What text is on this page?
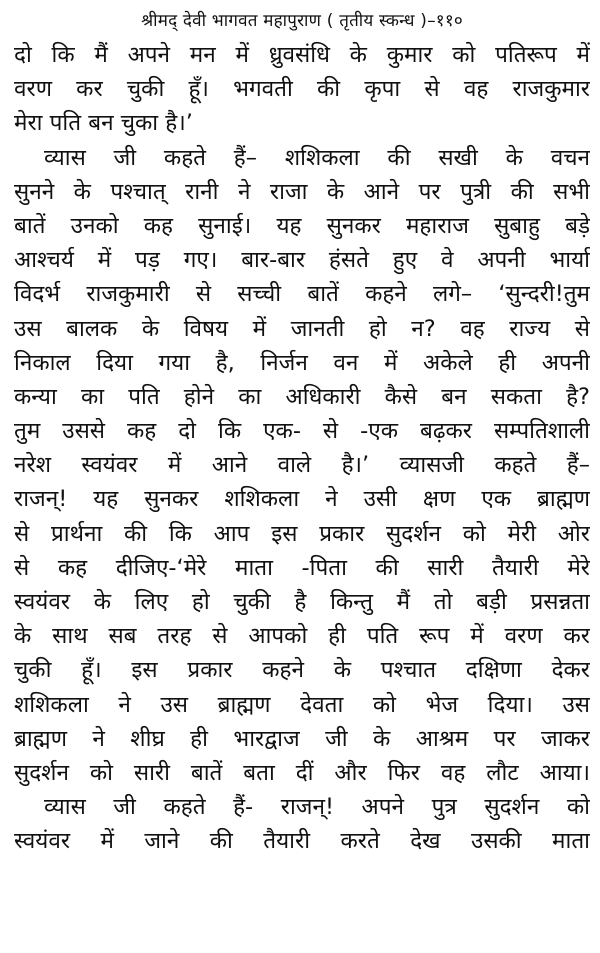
श्रीमद् देवी भागवत महापुराण ( तृतीय स्कन्ध )–११०
दो कि मैं अपने मन में ध्रुवसंधि के कुमार को पतिरूप में
वरण कर चुकी हूँ। भगवती की कृपा से वह राजकुमार
मेरा पति बन चुका है।’
व्यास जी कहते हैं– शशिकला की सखी के वचन
सुनने के पश्चात् रानी ने राजा के आने पर पुत्री की सभी
बातें उनको कह सुनाई। यह सुनकर महाराज सुबाहु बड़े
आश्चर्य में पड़ गए। बार-बार हंसते हुए वे अपनी भार्या
विदर्भ राजकुमारी से सच्ची बातें कहने लगे– ‘सुन्दरी!तुम
उस बालक के विषय में जानती हो न? वह राज्य से
निकाल दिया गया है, निर्जन वन में अकेले ही अपनी
कन्या का पति होने का अधिकारी कैसे बन सकता है?
तुम उससे कह दो कि एक- से -एक बढ़कर सम्पतिशाली
नरेश स्वयंवर में आने वाले है।’ व्यासजी कहते हैं–
राजन्! यह सुनकर शशिकला ने उसी क्षण एक ब्राह्मण
से प्रार्थना की कि आप इस प्रकार सुदर्शन को मेरी ओर
से कह दीजिए-‘मेरे माता -पिता की सारी तैयारी मेरे
स्वयंवर के लिए हो चुकी है किन्तु मैं तो बड़ी प्रसन्नता
के साथ सब तरह से आपको ही पति रूप में वरण कर
चुकी हूँ। इस प्रकार कहने के पश्चात दक्षिणा देकर
शशिकला ने उस ब्राह्मण देवता को भेज दिया। उस
ब्राह्मण ने शीघ्र ही भारद्वाज जी के आश्रम पर जाकर
सुदर्शन को सारी बातें बता दीं और फिर वह लौट आया।
व्यास जी कहते हैं- राजन्! अपने पुत्र सुदर्शन को
स्वयंवर में जाने की तैयारी करते देख उसकी माता
